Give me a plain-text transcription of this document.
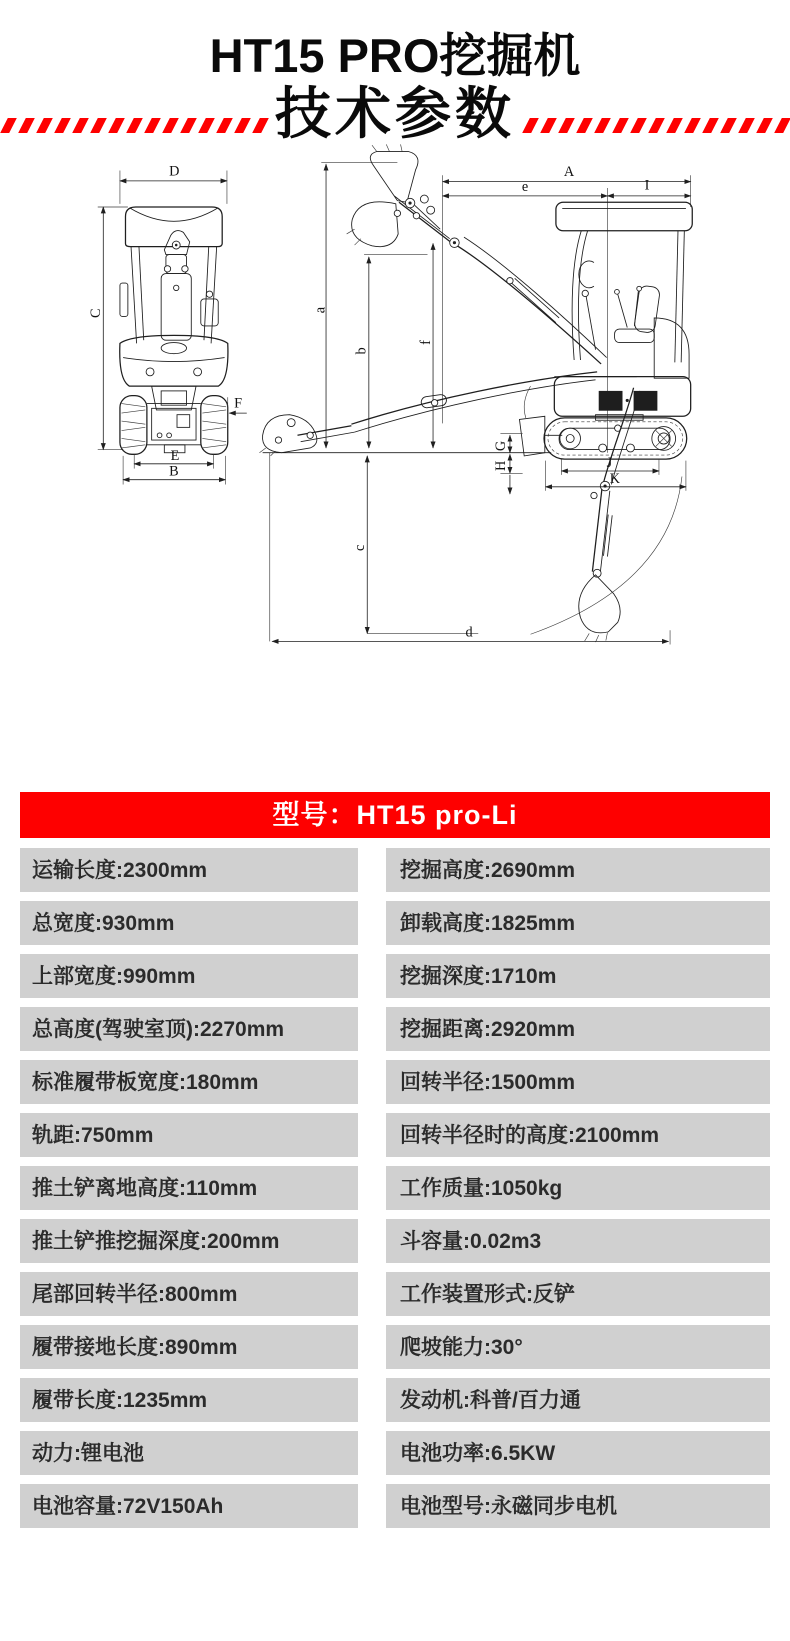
HT15 PRO挖掘机
技术参数
D
C
F
E
B
A
e	I
a
b
f
G
H	J
K
c
d
型号：HT15 pro-Li
运输长度:2300mm	挖掘高度:2690mm
总宽度:930mm	卸载高度:1825mm
上部宽度:990mm	挖掘深度:1710m
总高度(驾驶室顶):2270mm	挖掘距离:2920mm
标准履带板宽度:180mm	回转半径:1500mm
轨距:750mm	回转半径时的高度:2100mm
推土铲离地高度:110mm	工作质量:1050kg
推土铲推挖掘深度:200mm	斗容量:0.02m3
尾部回转半径:800mm	工作装置形式:反铲
履带接地长度:890mm	爬坡能力:30°
履带长度:1235mm	发动机:科普/百力通
动力:锂电池	电池功率:6.5KW
电池容量:72V150Ah	电池型号:永磁同步电机
